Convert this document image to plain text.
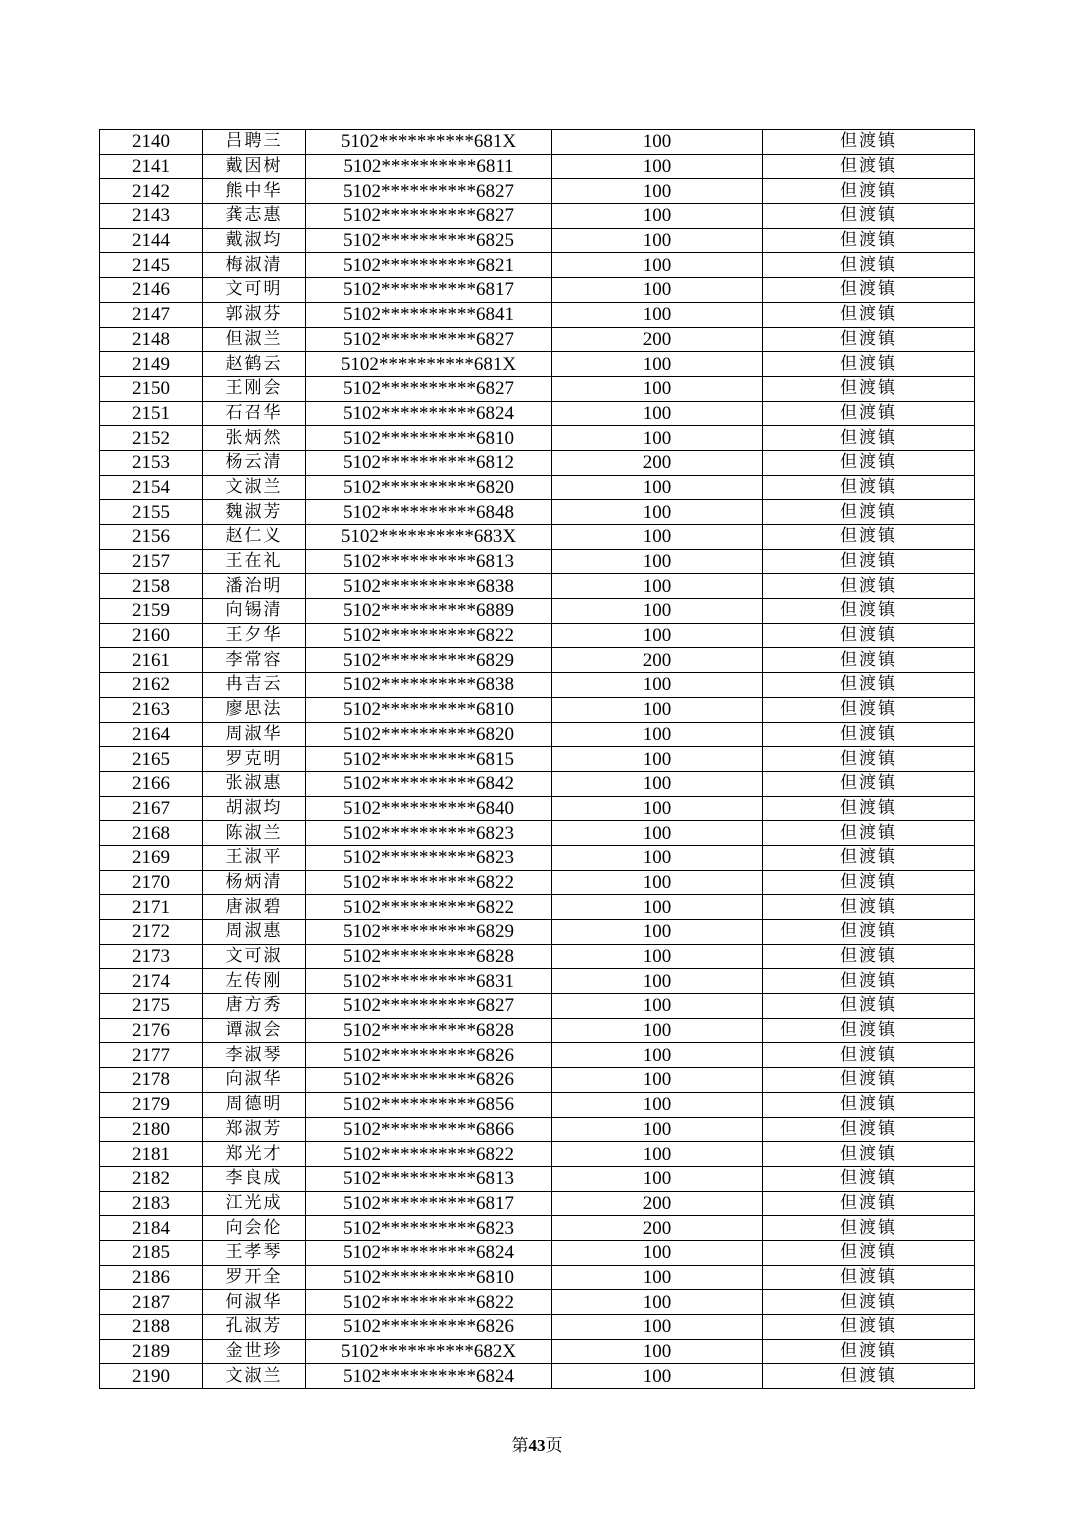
2140	吕聘三	5102**********681X	100	但渡镇
2141	戴因树	5102**********6811	100	但渡镇
2142	熊中华	5102**********6827	100	但渡镇
2143	龚志惠	5102**********6827	100	但渡镇
2144	戴淑均	5102**********6825	100	但渡镇
2145	梅淑清	5102**********6821	100	但渡镇
2146	文可明	5102**********6817	100	但渡镇
2147	郭淑芬	5102**********6841	100	但渡镇
2148	但淑兰	5102**********6827	200	但渡镇
2149	赵鹤云	5102**********681X	100	但渡镇
2150	王刚会	5102**********6827	100	但渡镇
2151	石召华	5102**********6824	100	但渡镇
2152	张炳然	5102**********6810	100	但渡镇
2153	杨云清	5102**********6812	200	但渡镇
2154	文淑兰	5102**********6820	100	但渡镇
2155	魏淑芳	5102**********6848	100	但渡镇
2156	赵仁义	5102**********683X	100	但渡镇
2157	王在礼	5102**********6813	100	但渡镇
2158	潘治明	5102**********6838	100	但渡镇
2159	向锡清	5102**********6889	100	但渡镇
2160	王夕华	5102**********6822	100	但渡镇
2161	李常容	5102**********6829	200	但渡镇
2162	冉吉云	5102**********6838	100	但渡镇
2163	廖思法	5102**********6810	100	但渡镇
2164	周淑华	5102**********6820	100	但渡镇
2165	罗克明	5102**********6815	100	但渡镇
2166	张淑惠	5102**********6842	100	但渡镇
2167	胡淑均	5102**********6840	100	但渡镇
2168	陈淑兰	5102**********6823	100	但渡镇
2169	王淑平	5102**********6823	100	但渡镇
2170	杨炳清	5102**********6822	100	但渡镇
2171	唐淑碧	5102**********6822	100	但渡镇
2172	周淑惠	5102**********6829	100	但渡镇
2173	文可淑	5102**********6828	100	但渡镇
2174	左传刚	5102**********6831	100	但渡镇
2175	唐方秀	5102**********6827	100	但渡镇
2176	谭淑会	5102**********6828	100	但渡镇
2177	李淑琴	5102**********6826	100	但渡镇
2178	向淑华	5102**********6826	100	但渡镇
2179	周德明	5102**********6856	100	但渡镇
2180	郑淑芳	5102**********6866	100	但渡镇
2181	郑光才	5102**********6822	100	但渡镇
2182	李良成	5102**********6813	100	但渡镇
2183	江光成	5102**********6817	200	但渡镇
2184	向会伦	5102**********6823	200	但渡镇
2185	王孝琴	5102**********6824	100	但渡镇
2186	罗开全	5102**********6810	100	但渡镇
2187	何淑华	5102**********6822	100	但渡镇
2188	孔淑芳	5102**********6826	100	但渡镇
2189	金世珍	5102**********682X	100	但渡镇
2190	文淑兰	5102**********6824	100	但渡镇
第43页
